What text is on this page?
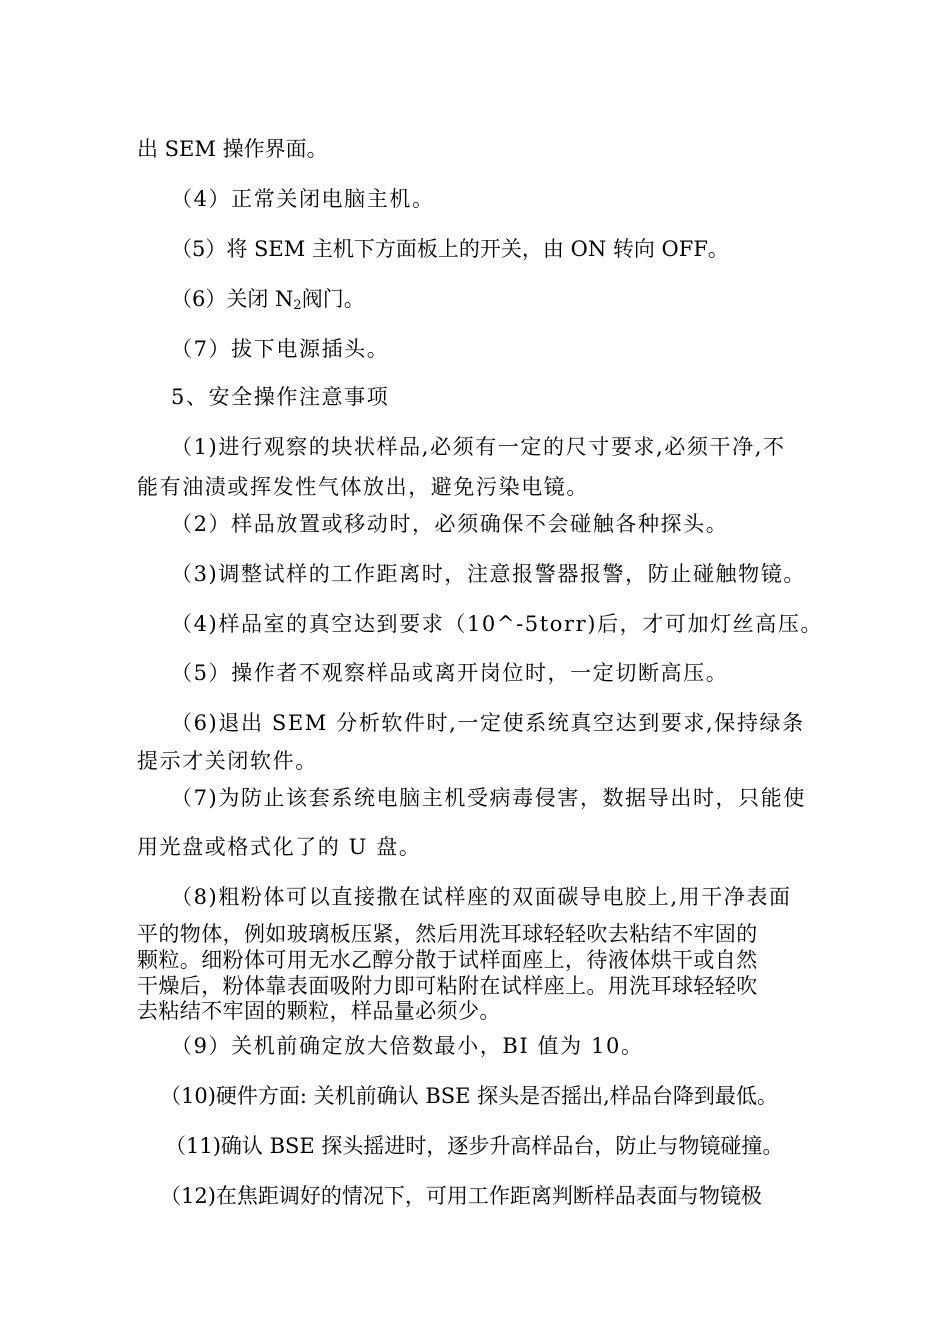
出 SEM 操作界面。
（4）正常关闭电脑主机。
（5）将 SEM 主机下方面板上的开关，由 ON 转向 OFF。
（6）关闭 $N_2$阀门。
（7）拔下电源插头。
5、安全操作注意事项
（1)进行观察的块状样品,必须有一定的尺寸要求,必须干净,不
能有油渍或挥发性气体放出，避免污染电镜。
（2）样品放置或移动时，必须确保不会碰触各种探头。
（3)调整试样的工作距离时，注意报警器报警，防止碰触物镜。
（4)样品室的真空达到要求（10^-5torr)后，才可加灯丝高压。
（5）操作者不观察样品或离开岗位时，一定切断高压。
（6)退出 SEM 分析软件时,一定使系统真空达到要求,保持绿条
提示才关闭软件。
（7)为防止该套系统电脑主机受病毒侵害，数据导出时，只能使
用光盘或格式化了的 U 盘。
（8)粗粉体可以直接撒在试样座的双面碳导电胶上,用干净表面
平的物体，例如玻璃板压紧，然后用洗耳球轻轻吹去粘结不牢固的
颗粒。细粉体可用无水乙醇分散于试样面座上，待液体烘干或自然
干燥后，粉体靠表面吸附力即可粘附在试样座上。用洗耳球轻轻吹
去粘结不牢固的颗粒，样品量必须少。
（9）关机前确定放大倍数最小，BI 值为 10。
（10)硬件方面: 关机前确认 BSE 探头是否摇出,样品台降到最低。
（11)确认 BSE 探头摇进时，逐步升高样品台，防止与物镜碰撞。
（12)在焦距调好的情况下，可用工作距离判断样品表面与物镜极
